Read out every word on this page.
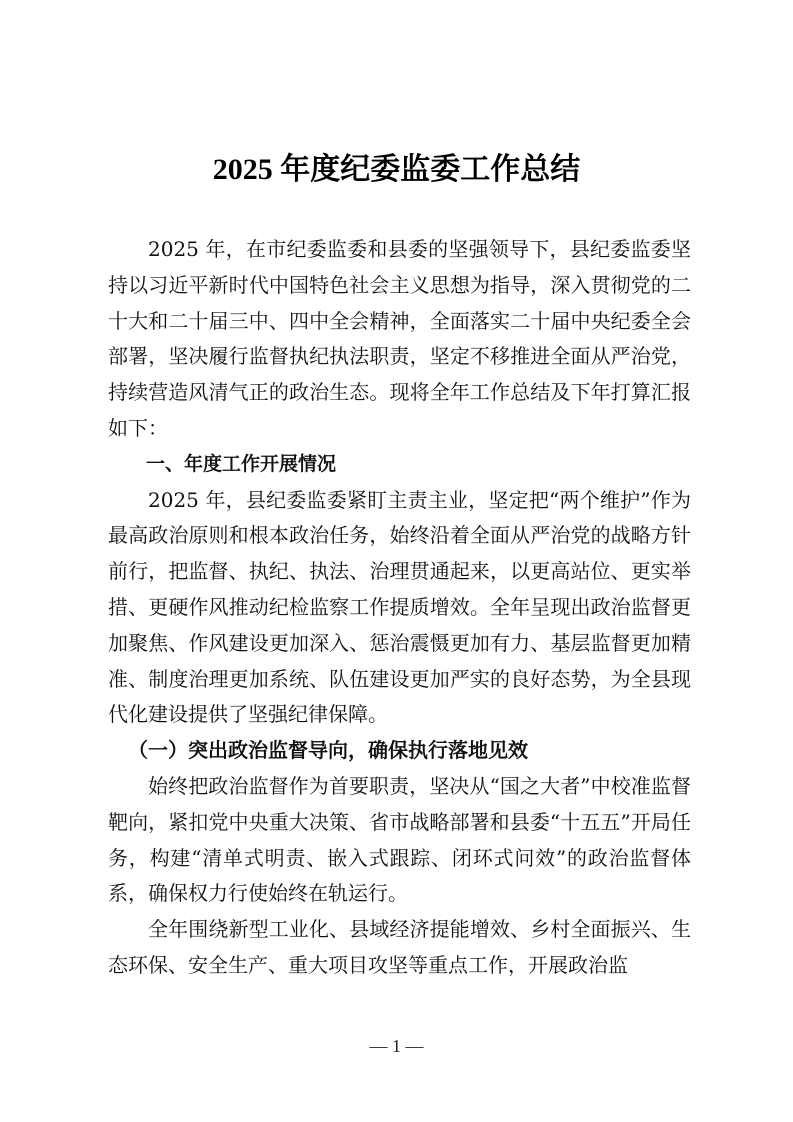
2025 年度纪委监委工作总结

2025 年，在市纪委监委和县委的坚强领导下，县纪委监委坚持以习近平新时代中国特色社会主义思想为指导，深入贯彻党的二十大和二十届三中、四中全会精神，全面落实二十届中央纪委全会部署，坚决履行监督执纪执法职责，坚定不移推进全面从严治党，持续营造风清气正的政治生态。现将全年工作总结及下年打算汇报如下：

一、年度工作开展情况

2025 年，县纪委监委紧盯主责主业，坚定把“两个维护”作为最高政治原则和根本政治任务，始终沿着全面从严治党的战略方针前行，把监督、执纪、执法、治理贯通起来，以更高站位、更实举措、更硬作风推动纪检监察工作提质增效。全年呈现出政治监督更加聚焦、作风建设更加深入、惩治震慑更加有力、基层监督更加精准、制度治理更加系统、队伍建设更加严实的良好态势，为全县现代化建设提供了坚强纪律保障。

（一）突出政治监督导向，确保执行落地见效

始终把政治监督作为首要职责，坚决从“国之大者”中校准监督靶向，紧扣党中央重大决策、省市战略部署和县委“十五五”开局任务，构建“清单式明责、嵌入式跟踪、闭环式问效”的政治监督体系，确保权力行使始终在轨运行。

全年围绕新型工业化、县域经济提能增效、乡村全面振兴、生态环保、安全生产、重大项目攻坚等重点工作，开展政治监

— 1 —
